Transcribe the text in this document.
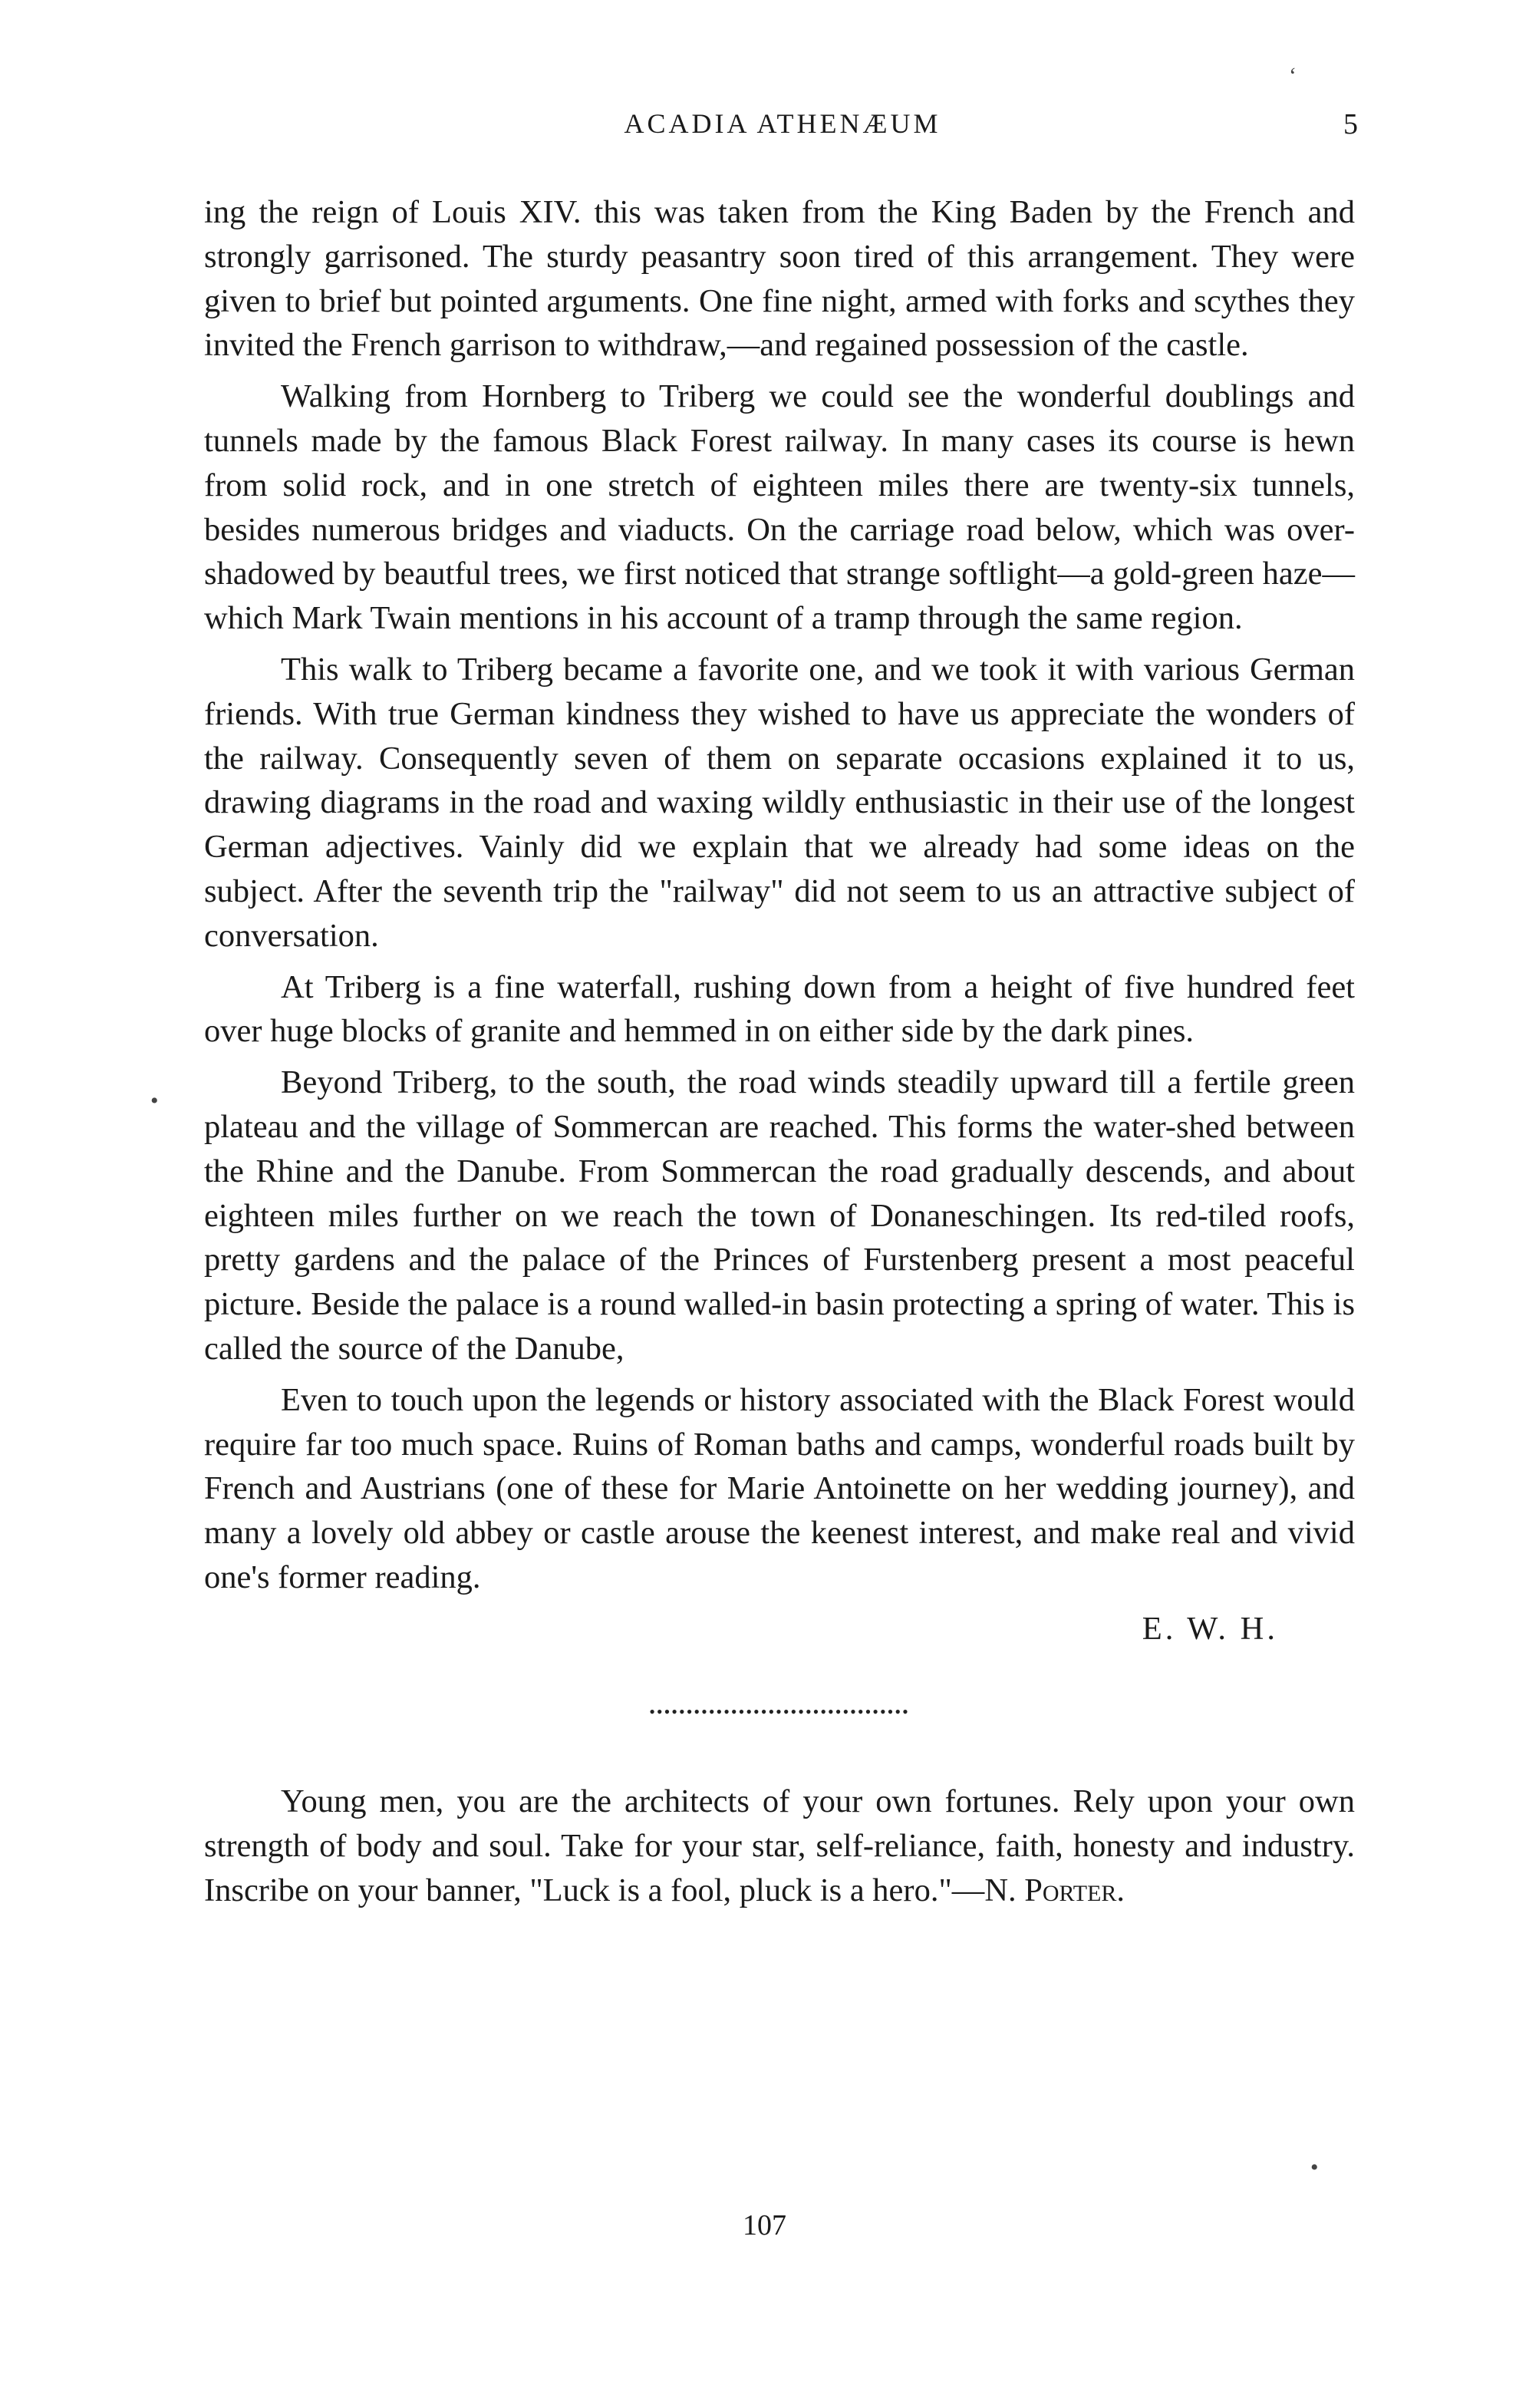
ACADIA ATHENÆUM	5
‘
•
•

ing the reign of Louis XIV. this was taken from the King Baden by the French and strongly garrisoned. The sturdy peasantry soon tired of this arrangement. They were given to brief but pointed arguments. One fine night, armed with forks and scythes they invited the French garrison to withdraw,—and regained possession of the castle.

Walking from Hornberg to Triberg we could see the wonderful doublings and tunnels made by the famous Black Forest railway. In many cases its course is hewn from solid rock, and in one stretch of eighteen miles there are twenty-six tunnels, besides numerous bridges and viaducts. On the carriage road below, which was over-shadowed by beautful trees, we first noticed that strange softlight—a gold-green haze—which Mark Twain mentions in his account of a tramp through the same region.

This walk to Triberg became a favorite one, and we took it with various German friends. With true German kindness they wished to have us appreciate the wonders of the railway. Consequently seven of them on separate occasions explained it to us, drawing diagrams in the road and waxing wildly enthusiastic in their use of the longest German adjectives. Vainly did we explain that we already had some ideas on the subject. After the seventh trip the "railway" did not seem to us an attractive subject of conversation.

At Triberg is a fine waterfall, rushing down from a height of five hundred feet over huge blocks of granite and hemmed in on either side by the dark pines.

Beyond Triberg, to the south, the road winds steadily upward till a fertile green plateau and the village of Sommercan are reached. This forms the water-shed between the Rhine and the Danube. From Sommercan the road gradually descends, and about eighteen miles further on we reach the town of Donaneschingen. Its red-tiled roofs, pretty gardens and the palace of the Princes of Furstenberg present a most peaceful picture. Beside the palace is a round walled-in basin protecting a spring of water. This is called the source of the Danube,

Even to touch upon the legends or history associated with the Black Forest would require far too much space. Ruins of Roman baths and camps, wonderful roads built by French and Austrians (one of these for Marie Antoinette on her wedding journey), and many a lovely old abbey or castle arouse the keenest interest, and make real and vivid one's former reading.

E. W. H.

•••••••••••••••••••••••••••••••••••

Young men, you are the architects of your own fortunes. Rely upon your own strength of body and soul. Take for your star, self-reliance, faith, honesty and industry. Inscribe on your banner, "Luck is a fool, pluck is a hero."—N. Porter.

107
